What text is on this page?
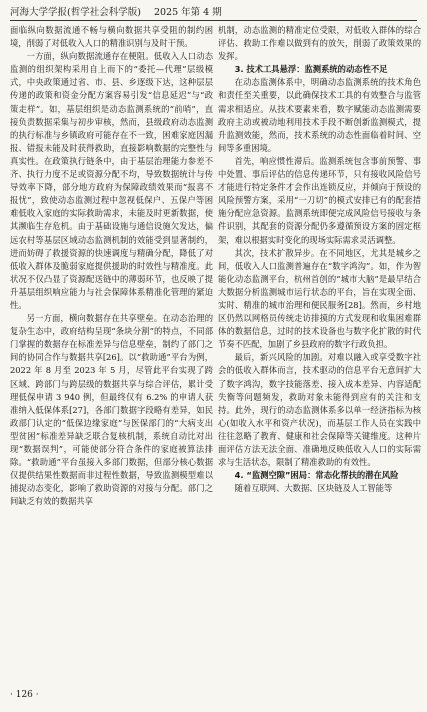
河海大学学报(哲学社会科学版) 2025 年第 4 期

面临纵向数据流通不畅与横向数据共享受阻的制约困境，削弱了对低收入人口的精准识别与及时干预。

一方面，纵向数据流通存在梗阻。低收入人口动态监测的组织架构采用自上而下的“委托—代理”层级模式，中央政策通过省、市、县、乡逐级下达，这种层层传递的政策和资金分配方案容易引发“信息延迟”与“政策走样”。如，基层组织是动态监测系统的“前哨”，直接负责数据采集与初步审核，然而，县级政府动态监测的执行标准与乡镇政府可能存在不一致，困难家庭因漏报、错报未能及时获得救助，直接影响数据的完整性与真实性。在政策执行链条中，由于基层治理能力参差不齐、执行力度不足或资源分配不均，导致数据统计与传导效率下降，部分地方政府为保障政绩效果而“报喜不报忧”，致使动态监测过程中忽视低保户、五保户等困难低收入家庭的实际救助需求，未能及时更新数据，使其濒临生存危机。由于基础设施与通信设施欠发达，偏远农村等基层区域动态监测机制的效能受到显著制约，进而妨碍了救援资源的快速调度与精确分配，降低了对低收入群体及脆弱家庭提供援助的时效性与精准度。此状况不仅凸显了资源配送链中的薄弱环节，也反映了提升基层组织响应能力与社会保障体系精准化管理的紧迫性。

另一方面，横向数据存在共享壁垒。在动态治理的复杂生态中，政府结构呈现“条块分割”的特点，不同部门掌握的数据存在标准差异与信息壁垒，制约了部门之间的协同合作与数据共享[26]。以“救助通”平台为例，2022 年 8 月至 2023 年 5 月，尽管此平台实现了跨区域、跨部门与跨层级的数据共享与综合评估，累计受理低保申请 3 940 例，但最终仅有 6.2% 的申请人获准纳入低保体系[27]，各部门数据字段略有差异，如民政部门认定的“低保边缘家庭”与医保部门的“大病支出型贫困”标准差异缺乏联合复核机制，系统自动比对出现“数据误判”，可能使部分符合条件的家庭被算法排除。“救助通”平台虽接入多部门数据，但部分核心数据仅提供结果性数据而非过程性数据，导致监测模型难以捕捉动态变化，影响了救助资源的对接与分配。部门之间缺乏有效的数据共享

机制，动态监测的精准定位受限，对低收入群体的综合评估、救助工作难以做到有的放矢，削弱了政策效果的发挥。

3. 技术工具悬浮：监测系统的动态性不足

在动态监测体系中，明确动态监测系统的技术角色和责任至关重要，以此确保技术工具的有效整合与监管需求相适应。从技术要素来看，数字赋能动态监测需要政府主动或被动地利用技术手段不断创新监测模式，提升监测效能，然而，技术系统的动态性面临着时间、空间等多重困境。

首先，响应惯性滞后。监测系统包含事前预警、事中处置、事后评估的信息传递环节，只有接收风险信号才能进行特定条件才会作出连锁反应，并倾向于预设的风险预警方案，采用“一刀切”的模式安排已有的配套措施分配应急资源。监测系统即便完成风险信号接收与条件识别，其配套的资源分配仍多遵循预设方案的固定框架，难以根据实时变化的现场实际需求灵活调整。

其次，技术扩散异步。在不同地区，尤其是城乡之间，低收入人口监测普遍存在“数字鸿沟”。如，作为智能化动态监测平台，杭州首创的“城市大脑”是最早结合大数据分析监测城市运行状态的平台，旨在实现全面、实时、精准的城市治理和便民服务[28]。然而，乡村地区仍然以网格员传统走访排摸的方式发现和收集困难群体的数据信息，过时的技术设备也与数字化扩散的时代节奏不匹配，加剧了乡县政府的数字行政负担。

最后，新兴风险的加剧。对难以融入或享受数字社会的低收入群体而言，技术驱动的信息平台无意间扩大了数字鸿沟，数字技能落差、接入成本差异、内容适配失衡等问题频发，救助对象未能得到应有的关注和支持。此外，现行的动态监测体系多以单一经济指标为核心(如收入水平和资产状况)，而基层工作人员在实践中往往忽略了教育、健康和社会保障等关键维度。这种片面评估方法无法全面、准确地反映低收入人口的实际需求与生活状态，限制了精准救助的有效性。

4. “监测空隙”困局：常态化帮扶的潜在风险

随着互联网、大数据、区块链及人工智能等

· 126 ·
